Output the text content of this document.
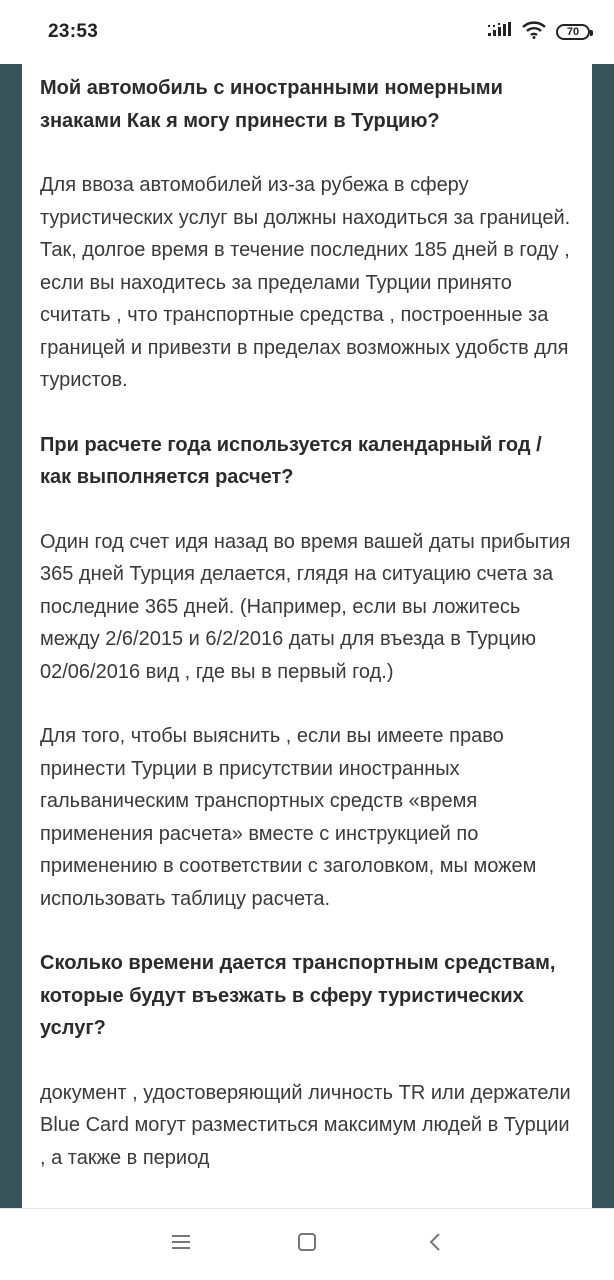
23:53	70
Мой автомобиль с иностранными номерными знаками Как я могу принести в Турцию?

Для ввоза автомобилей из-за рубежа в сферу туристических услуг вы должны находиться за границей. Так, долгое время в течение последних 185 дней в году , если вы находитесь за пределами Турции принято считать , что транспортные средства , построенные за границей и привезти в пределах возможных удобств для туристов.

При расчете года используется календарный год / как выполняется расчет?

Один год счет идя назад во время вашей даты прибытия 365 дней Турция делается, глядя на ситуацию счета за последние 365 дней. (Например, если вы ложитесь между 2/6/2015 и 6/2/2016 даты для въезда в Турцию 02/06/2016 вид , где вы в первый год.)

Для того, чтобы выяснить , если вы имеете право принести Турции в присутствии иностранных гальваническим транспортных средств «время применения расчета» вместе с инструкцией по применению в соответствии с заголовком, мы можем использовать таблицу расчета.

Сколько времени дается транспортным средствам, которые будут въезжать в сферу туристических услуг?

документ , удостоверяющий личность TR или держатели Blue Card могут разместиться максимум людей в Турции , а также в период
